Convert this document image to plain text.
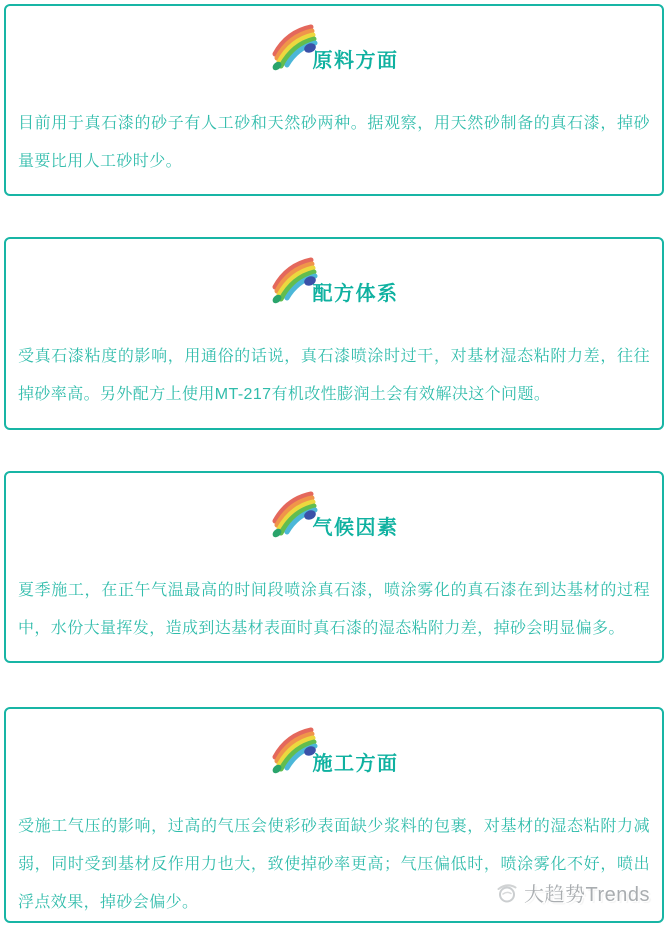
原料方面

目前用于真石漆的砂子有人工砂和天然砂两种。据观察，用天然砂制备的真石漆，掉砂量要比用人工砂时少。

配方体系

受真石漆粘度的影响，用通俗的话说，真石漆喷涂时过干，对基材湿态粘附力差，往往掉砂率高。另外配方上使用MT-217有机改性膨润土会有效解决这个问题。

气候因素

夏季施工，在正午气温最高的时间段喷涂真石漆，喷涂雾化的真石漆在到达基材的过程中，水份大量挥发，造成到达基材表面时真石漆的湿态粘附力差，掉砂会明显偏多。

施工方面

受施工气压的影响，过高的气压会使彩砂表面缺少浆料的包裹，对基材的湿态粘附力减弱，同时受到基材反作用力也大，致使掉砂率更高；气压偏低时，喷涂雾化不好，喷出浮点效果，掉砂会偏少。	大趋势Trends
